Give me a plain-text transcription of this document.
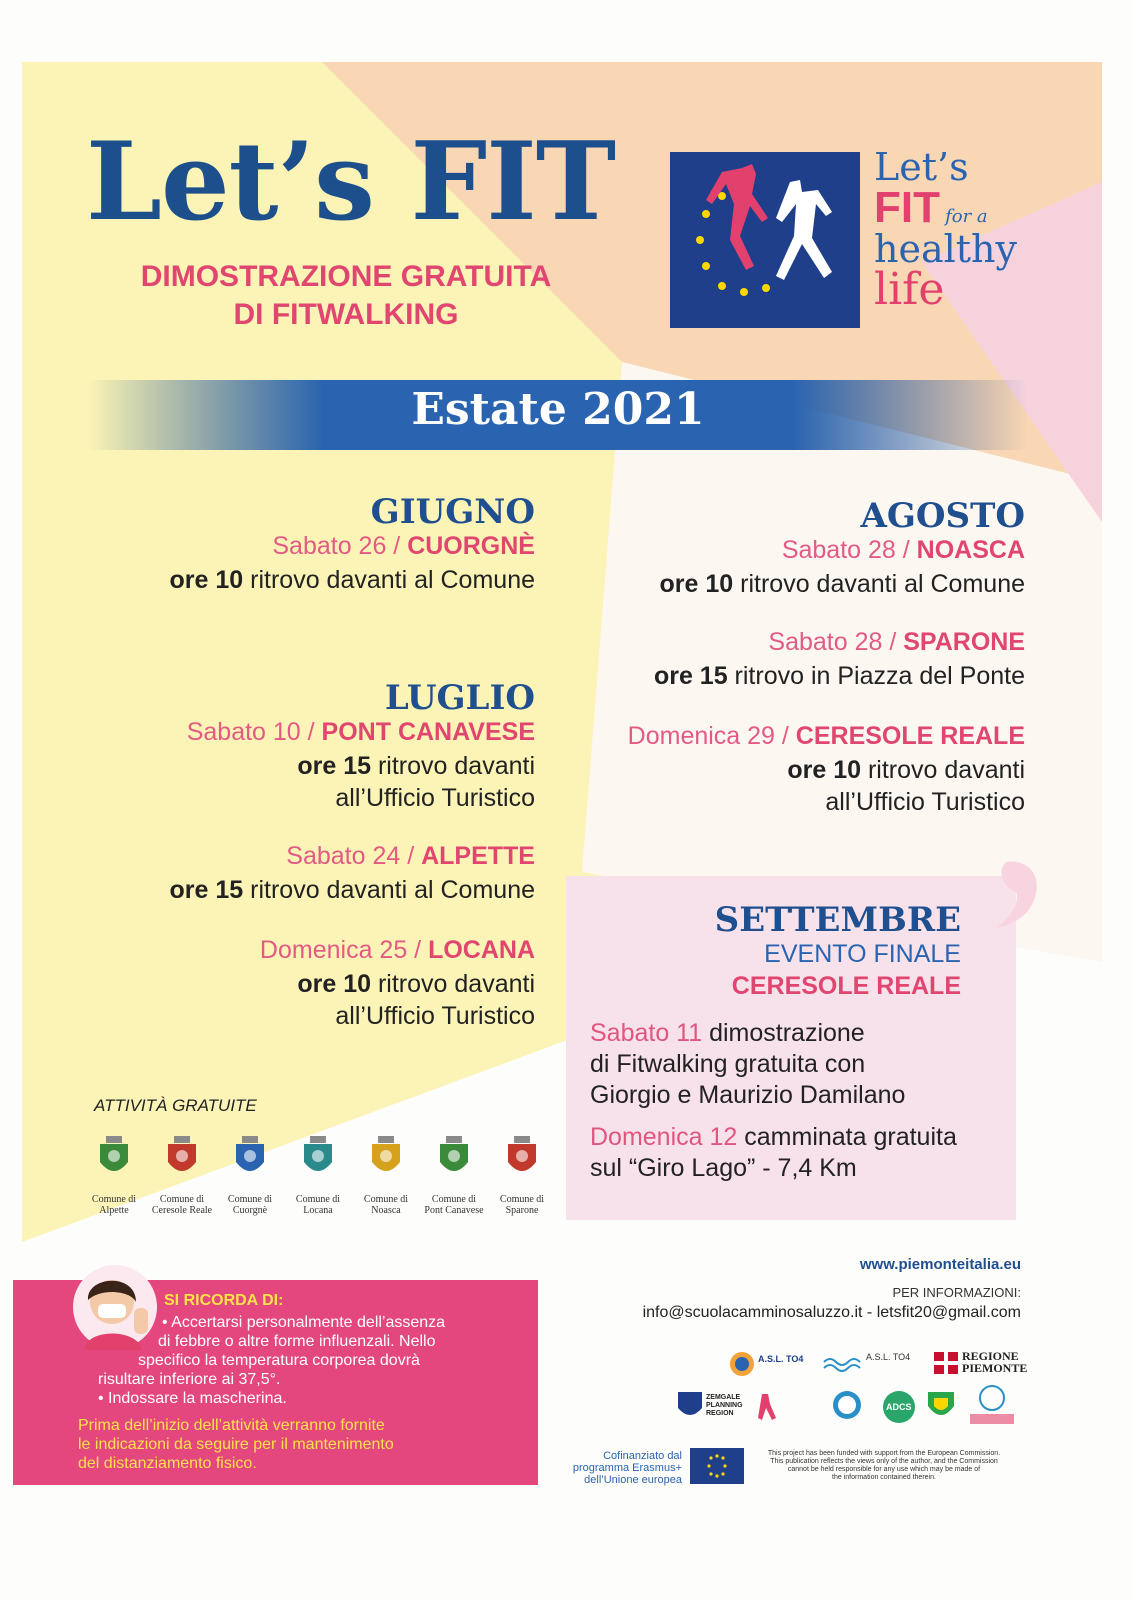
Let’s FIT
DIMOSTRAZIONE GRATUITA
DI FITWALKING
Let’s
FIT for a
healthy
life
Estate 2021
GIUGNO
Sabato 26 / CUORGNÈ
ore 10 ritrovo davanti al Comune
LUGLIO
Sabato 10 / PONT CANAVESE
ore 15 ritrovo davanti
all’Ufficio Turistico
Sabato 24 / ALPETTE
ore 15 ritrovo davanti al Comune
Domenica 25 / LOCANA
ore 10 ritrovo davanti
all’Ufficio Turistico
AGOSTO
Sabato 28 / NOASCA
ore 10 ritrovo davanti al Comune
Sabato 28 / SPARONE
ore 15 ritrovo in Piazza del Ponte
Domenica 29 / CERESOLE REALE
ore 10 ritrovo davanti
all’Ufficio Turistico
SETTEMBRE
EVENTO FINALE
CERESOLE REALE
Sabato 11 dimostrazione
di Fitwalking gratuita con
Giorgio e Maurizio Damilano
Domenica 12 camminata gratuita
sul “Giro Lago” - 7,4 Km
ATTIVITÀ GRATUITE
Comune di
Alpette
Comune di
Ceresole Reale
Comune di
Cuorgnè
Comune di
Locana
Comune di
Noasca
Comune di
Pont Canavese
Comune di
Sparone
SI RICORDA DI:
• Accertarsi personalmente dell’assenza
di febbre o altre forme influenzali. Nello
specifico la temperatura corporea dovrà
risultare inferiore ai 37,5°.
• Indossare la mascherina.
Prima dell’inizio dell’attività verranno fornite
le indicazioni da seguire per il mantenimento
del distanziamento fisico.
www.piemonteitalia.eu
PER INFORMAZIONI:
info@scuolacamminosaluzzo.it - letsfit20@gmail.com
A.S.L. TO4	A.S.L. TO4	REGIONE
PIEMONTE
ZEMGALE
PLANNING
REGION
ADCS
Cofinanziato dal
programma Erasmus+
dell’Unione europea
This project has been funded with support from the European Commission.
This publication reflects the views only of the author, and the Commission
cannot be held responsible for any use which may be made of
the information contained therein.
